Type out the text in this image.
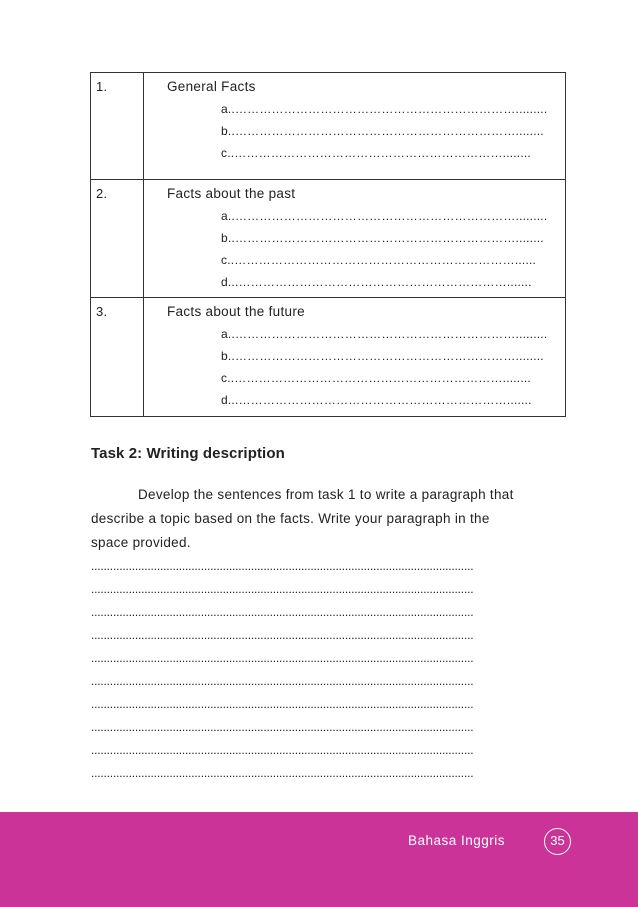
1.	General Facts
a..…………………………………………………………….........
b..……………………………………………………………........
c..…………………………………………………………........
2.	Facts about the past
a..…………………………………………………………….........
b..……………………………………………………………........
c..……………………………………………………………......
d...………………………………………………………….......
3.	Facts about the future
a..…………………………………………………………….........
b..……………………………………………………………........
c..…………………………………………………………........
d...………………………………………………………….......
Task 2: Writing description
Develop the sentences from task 1 to write a paragraph that
describe a topic based on the facts. Write your paragraph in the
space provided.
..........................................................................................................................
..........................................................................................................................
..........................................................................................................................
..........................................................................................................................
..........................................................................................................................
..........................................................................................................................
..........................................................................................................................
..........................................................................................................................
..........................................................................................................................
..........................................................................................................................
Bahasa Inggris	35
